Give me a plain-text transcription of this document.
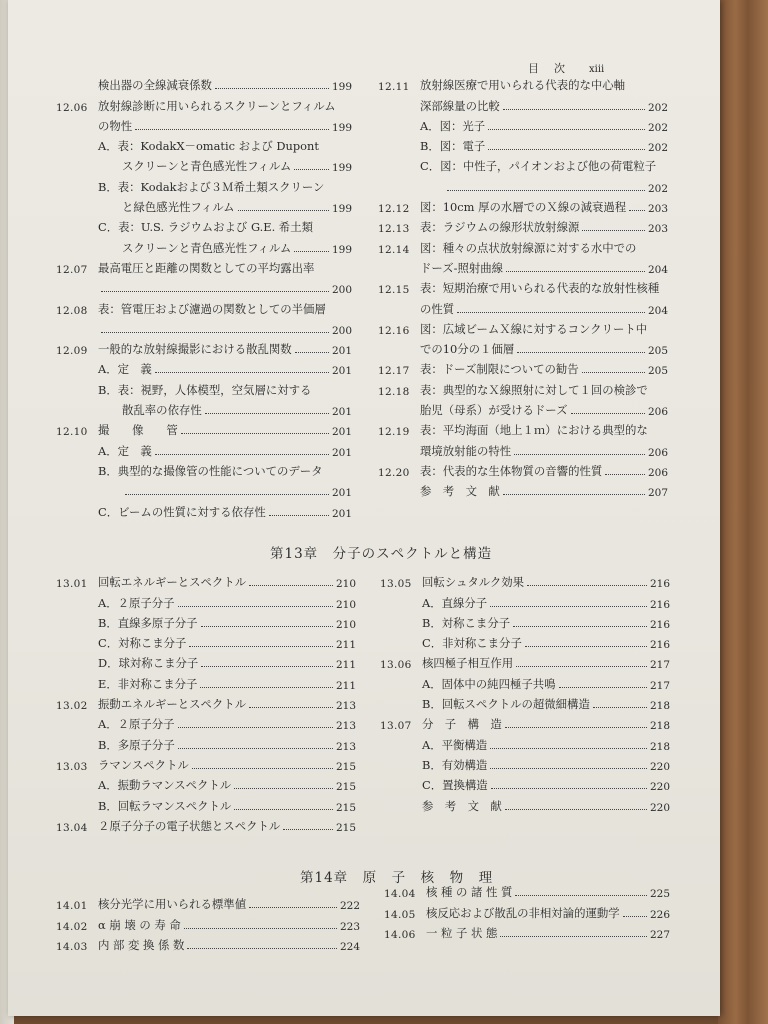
目　次 xiii
検出器の全線減衰係数	199
12.06 放射線診断に用いられるスクリーンとフィルム
の物性	199
A．表：KodakX－omatic および Dupont
スクリーンと青色感光性フィルム	199
B．表：Kodakおよび３Ｍ希土類スクリーン
と緑色感光性フィルム	199
C．表：U.S. ラジウムおよび G.E. 希土類
スクリーンと青色感光性フィルム	199
12.07 最高電圧と距離の関数としての平均露出率
200
12.08 表：管電圧および濾過の関数としての半価層
200
12.09 一般的な放射線撮影における散乱関数	201
A．定　義	201
B．表：視野，人体模型，空気層に対する
散乱率の依存性	201
12.10 撮　　像　　管	201
A．定　義	201
B．典型的な撮像管の性能についてのデータ
201
C．ビームの性質に対する依存性	201
12.11 放射線医療で用いられる代表的な中心軸
深部線量の比較	202
A．図：光子	202
B．図：電子	202
C．図：中性子，パイオンおよび他の荷電粒子
202
12.12 図：10cm 厚の水層でのＸ線の減衰過程 203
12.13 表：ラジウムの線形状放射線源	203
12.14 図：種々の点状放射線源に対する水中での
ドーズ-照射曲線	204
12.15 表：短期治療で用いられる代表的な放射性核種
の性質	204
12.16 図：広域ビームＸ線に対するコンクリート中
での10分の１価層	205
12.17 表：ドーズ制限についての勧告	205
12.18 表：典型的なＸ線照射に対して１回の検診で
胎児（母系）が受けるドーズ	206
12.19 表：平均海面（地上１ｍ）における典型的な
環境放射能の特性	206
12.20 表：代表的な生体物質の音響的性質	206
参　考　文　献	207
第13章　分子のスペクトルと構造
13.01 回転エネルギーとスペクトル	210
A．２原子分子	210
B．直線多原子分子	210
C．対称こま分子	211
D．球対称こま分子	211
E．非対称こま分子	211
13.02 振動エネルギーとスペクトル	213
A．２原子分子	213
B．多原子分子	213
13.03 ラマンスペクトル	215
A．振動ラマンスペクトル	215
B．回転ラマンスペクトル	215
13.04 ２原子分子の電子状態とスペクトル	215
13.05 回転シュタルク効果	216
A．直線分子	216
B．対称こま分子	216
C．非対称こま分子	216
13.06 核四極子相互作用	217
A．固体中の純四極子共鳴	217
B．回転スペクトルの超微細構造	218
13.07 分　子　構　造	218
A．平衡構造	218
B．有効構造	220
C．置換構造	220
参　考　文　献	220
第14章　原　子　核　物　理
14.01 核分光学に用いられる標準値	222
14.02 α 崩 壊 の 寿 命	223
14.03 内 部 変 換 係 数	224
14.04 核 種 の 諸 性 質	225
14.05 核反応および散乱の非相対論的運動学	226
14.06 一 粒 子 状 態	227
